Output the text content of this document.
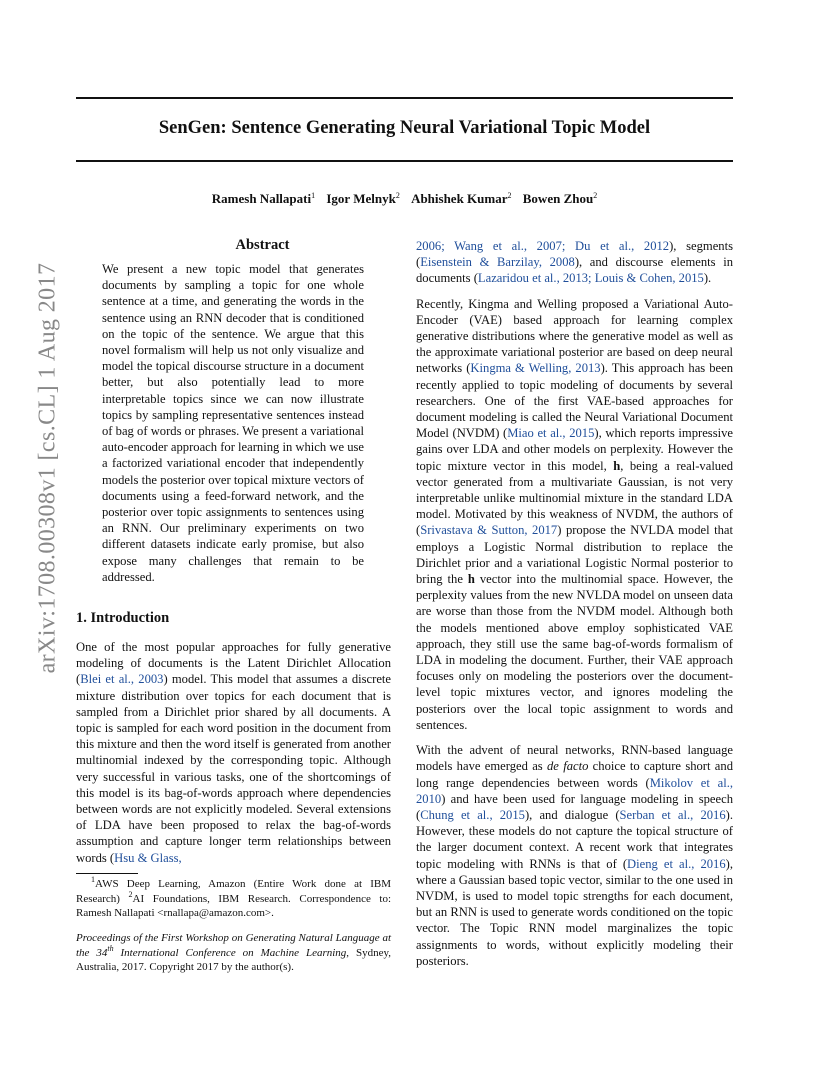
SenGen: Sentence Generating Neural Variational Topic Model
Ramesh Nallapati$^1$ Igor Melnyk$^2$ Abhishek Kumar$^2$ Bowen Zhou$^2$
arXiv:1708.00308v1 [cs.CL] 1 Aug 2017
Abstract
We present a new topic model that generates documents by sampling a topic for one whole sentence at a time, and generating the words in the sentence using an RNN decoder that is conditioned on the topic of the sentence. We argue that this novel formalism will help us not only visualize and model the topical discourse structure in a document better, but also potentially lead to more interpretable topics since we can now illustrate topics by sampling representative sentences instead of bag of words or phrases. We present a variational auto-encoder approach for learning in which we use a factorized variational encoder that independently models the posterior over topical mixture vectors of documents using a feed-forward network, and the posterior over topic assignments to sentences using an RNN. Our preliminary experiments on two different datasets indicate early promise, but also expose many challenges that remain to be addressed.
1. Introduction

One of the most popular approaches for fully generative modeling of documents is the Latent Dirichlet Allocation (Blei et al., 2003) model. This model that assumes a discrete mixture distribution over topics for each document that is sampled from a Dirichlet prior shared by all documents. A topic is sampled for each word position in the document from this mixture and then the word itself is generated from another multinomial indexed by the corresponding topic. Although very successful in various tasks, one of the shortcomings of this model is its bag-of-words approach where dependencies between words are not explicitly modeled. Several extensions of LDA have been proposed to relax the bag-of-words assumption and capture longer term relationships between words (Hsu & Glass,

$^1$AWS Deep Learning, Amazon (Entire Work done at IBM Research) $^2$AI Foundations, IBM Research. Correspondence to: Ramesh Nallapati <rnallapa@amazon.com>.

Proceedings of the First Workshop on Generating Natural Language at the 34th International Conference on Machine Learning, Sydney, Australia, 2017. Copyright 2017 by the author(s).

2006; Wang et al., 2007; Du et al., 2012), segments (Eisenstein & Barzilay, 2008), and discourse elements in documents (Lazaridou et al., 2013; Louis & Cohen, 2015).

Recently, Kingma and Welling proposed a Variational Auto-Encoder (VAE) based approach for learning complex generative distributions where the generative model as well as the approximate variational posterior are based on deep neural networks (Kingma & Welling, 2013). This approach has been recently applied to topic modeling of documents by several researchers. One of the first VAE-based approaches for document modeling is called the Neural Variational Document Model (NVDM) (Miao et al., 2015), which reports impressive gains over LDA and other models on perplexity. However the topic mixture vector in this model, h, being a real-valued vector generated from a multivariate Gaussian, is not very interpretable unlike multinomial mixture in the standard LDA model. Motivated by this weakness of NVDM, the authors of (Srivastava & Sutton, 2017) propose the NVLDA model that employs a Logistic Normal distribution to replace the Dirichlet prior and a variational Logistic Normal posterior to bring the h vector into the multinomial space. However, the perplexity values from the new NVLDA model on unseen data are worse than those from the NVDM model. Although both the models mentioned above employ sophisticated VAE approach, they still use the same bag-of-words formalism of LDA in modeling the document. Further, their VAE approach focuses only on modeling the posteriors over the document-level topic mixtures vector, and ignores modeling the posteriors over the local topic assignment to words and sentences.

With the advent of neural networks, RNN-based language models have emerged as de facto choice to capture short and long range dependencies between words (Mikolov et al., 2010) and have been used for language modeling in speech (Chung et al., 2015), and dialogue (Serban et al., 2016). However, these models do not capture the topical structure of the larger document context. A recent work that integrates topic modeling with RNNs is that of (Dieng et al., 2016), where a Gaussian based topic vector, similar to the one used in NVDM, is used to model topic strengths for each document, but an RNN is used to generate words conditioned on the topic vector. The Topic RNN model marginalizes the topic assignments to words, without explicitly modeling their posteriors.
